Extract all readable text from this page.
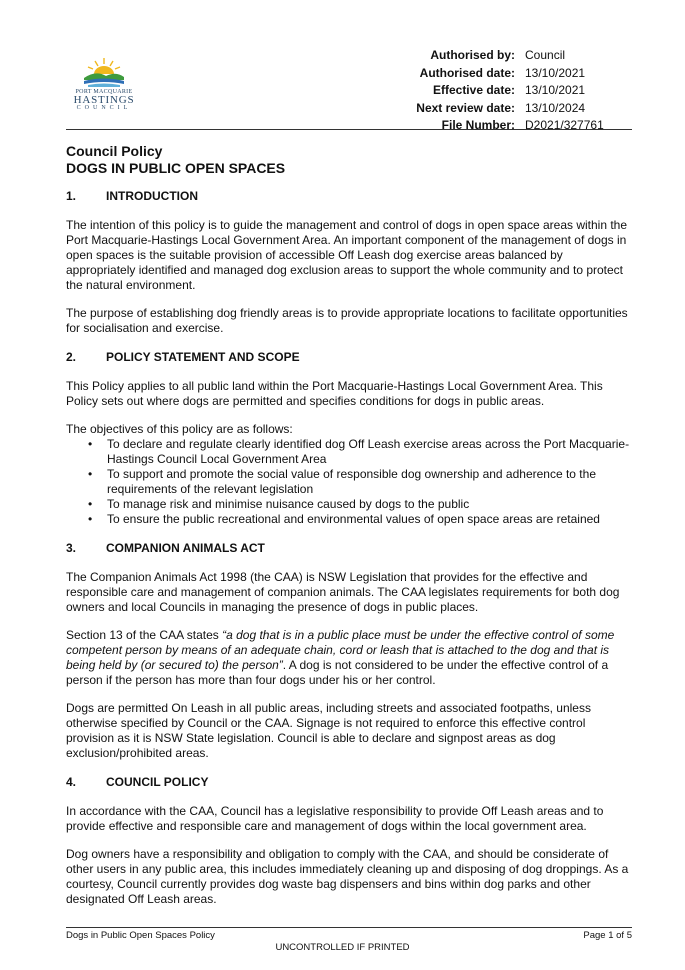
PORT MACQUARIE
HASTINGS
COUNCIL
Authorised by: Council
Authorised date: 13/10/2021
Effective date: 13/10/2021
Next review date: 13/10/2024
File Number: D2021/327761
Council Policy
DOGS IN PUBLIC OPEN SPACES
1.	INTRODUCTION

The intention of this policy is to guide the management and control of dogs in open space areas within the Port Macquarie-Hastings Local Government Area. An important component of the management of dogs in open spaces is the suitable provision of accessible Off Leash dog exercise areas balanced by appropriately identified and managed dog exclusion areas to support the whole community and to protect the natural environment.

The purpose of establishing dog friendly areas is to provide appropriate locations to facilitate opportunities for socialisation and exercise.

2.	POLICY STATEMENT AND SCOPE

This Policy applies to all public land within the Port Macquarie-Hastings Local Government Area. This Policy sets out where dogs are permitted and specifies conditions for dogs in public areas.

The objectives of this policy are as follows:

• To declare and regulate clearly identified dog Off Leash exercise areas across the Port Macquarie-Hastings Council Local Government Area
• To support and promote the social value of responsible dog ownership and adherence to the requirements of the relevant legislation
• To manage risk and minimise nuisance caused by dogs to the public
• To ensure the public recreational and environmental values of open space areas are retained
3.	COMPANION ANIMALS ACT

The Companion Animals Act 1998 (the CAA) is NSW Legislation that provides for the effective and responsible care and management of companion animals. The CAA legislates requirements for both dog owners and local Councils in managing the presence of dogs in public places.

Section 13 of the CAA states “a dog that is in a public place must be under the effective control of some competent person by means of an adequate chain, cord or leash that is attached to the dog and that is being held by (or secured to) the person”. A dog is not considered to be under the effective control of a person if the person has more than four dogs under his or her control.

Dogs are permitted On Leash in all public areas, including streets and associated footpaths, unless otherwise specified by Council or the CAA. Signage is not required to enforce this effective control provision as it is NSW State legislation. Council is able to declare and signpost areas as dog exclusion/prohibited areas.

4.	COUNCIL POLICY

In accordance with the CAA, Council has a legislative responsibility to provide Off Leash areas and to provide effective and responsible care and management of dogs within the local government area.

Dog owners have a responsibility and obligation to comply with the CAA, and should be considerate of other users in any public area, this includes immediately cleaning up and disposing of dog droppings. As a courtesy, Council currently provides dog waste bag dispensers and bins within dog parks and other designated Off Leash areas.

Dogs in Public Open Spaces Policy	Page 1 of 5
UNCONTROLLED IF PRINTED
